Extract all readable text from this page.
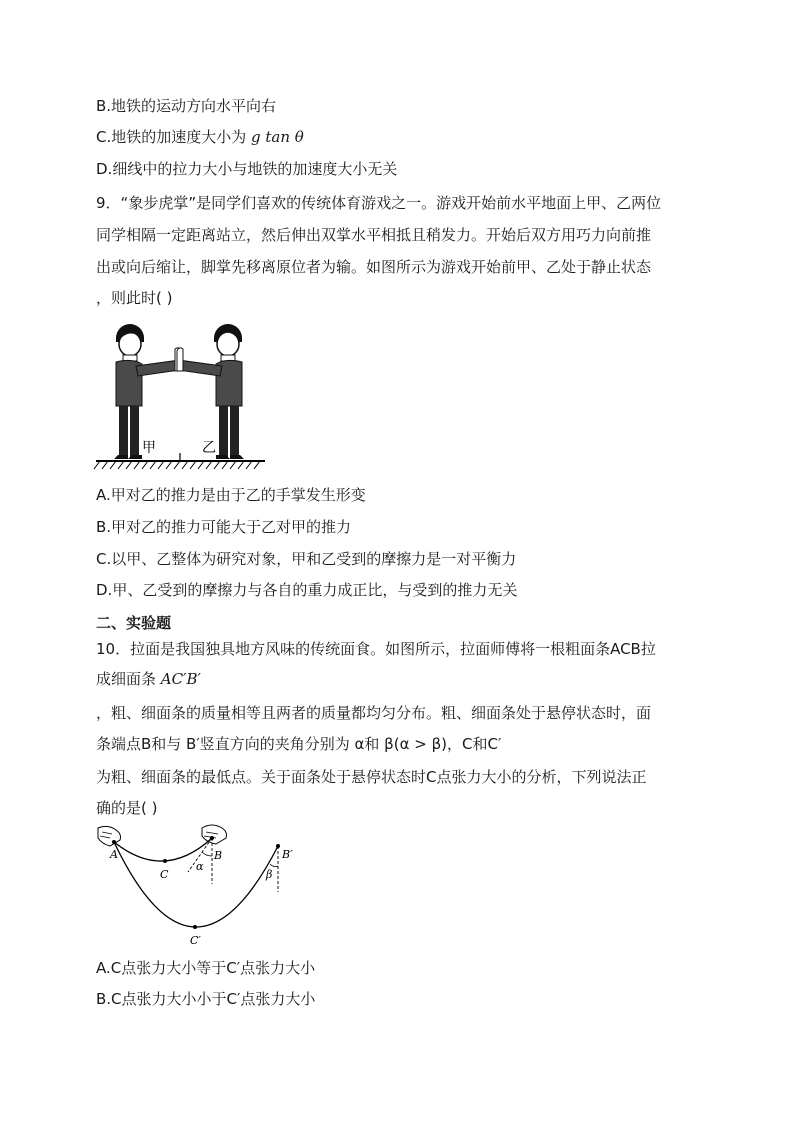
B.地铁的运动方向水平向右
C.地铁的加速度大小为 g tan θ
D.细线中的拉力大小与地铁的加速度大小无关
9．“象步虎掌”是同学们喜欢的传统体育游戏之一。游戏开始前水平地面上甲、乙两位
同学相隔一定距离站立，然后伸出双掌水平相抵且稍发力。开始后双方用巧力向前推
出或向后缩让，脚掌先移离原位者为输。如图所示为游戏开始前甲、乙处于静止状态
，则此时( )
甲	乙
A.甲对乙的推力是由于乙的手掌发生形变
B.甲对乙的推力可能大于乙对甲的推力
C.以甲、乙整体为研究对象，甲和乙受到的摩擦力是一对平衡力
D.甲、乙受到的摩擦力与各自的重力成正比，与受到的推力无关
二、实验题
10．拉面是我国独具地方风味的传统面食。如图所示，拉面师傅将一根粗面条ACB拉
成细面条 AC′B′
，粗、细面条的质量相等且两者的质量都均匀分布。粗、细面条处于悬停状态时，面
条端点B和与 B′竖直方向的夹角分别为 α和 β(α > β)，C和C′
为粗、细面条的最低点。关于面条处于悬停状态时C点张力大小的分析，下列说法正
确的是( )
A
C
B
α
B′
β
C′
A.C点张力大小等于C′点张力大小
B.C点张力大小小于C′点张力大小
